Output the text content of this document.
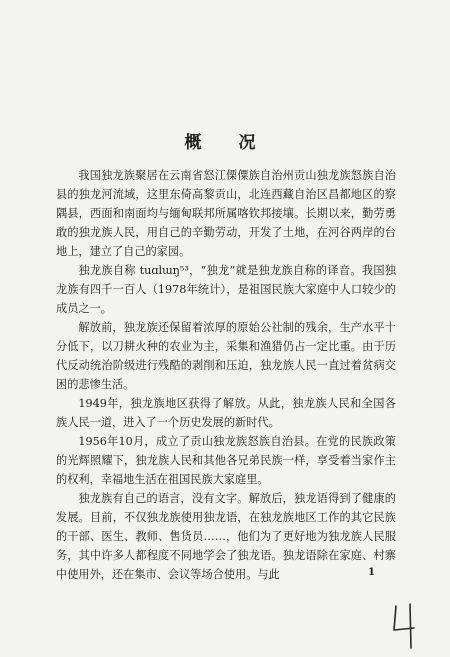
概　况

我国独龙族聚居在云南省怒江傈僳族自治州贡山独龙族怒族自治县的独龙河流域，这里东倚高黎贡山，北连西藏自治区昌都地区的察隅县，西面和南面均与缅甸联邦所属喀钦邦接壤。长期以来，勤劳勇敢的独龙族人民，用自己的辛勤劳动，开发了土地，在河谷两岸的台地上，建立了自己的家园。

独龙族自称 tuɑlɯŋ⁵³，“独龙”就是独龙族自称的译音。我国独龙族有四千一百人（1978年统计），是祖国民族大家庭中人口较少的成员之一。

解放前，独龙族还保留着浓厚的原始公社制的残余，生产水平十分低下，以刀耕火种的农业为主，采集和渔猎仍占一定比重。由于历代反动统治阶级进行残酷的剥削和压迫，独龙族人民一直过着贫病交困的悲惨生活。

1949年，独龙族地区获得了解放。从此，独龙族人民和全国各族人民一道，进入了一个历史发展的新时代。

1956年10月，成立了贡山独龙族怒族自治县。在党的民族政策的光辉照耀下，独龙族人民和其他各兄弟民族一样，享受着当家作主的权利，幸福地生活在祖国民族大家庭里。

独龙族有自己的语言，没有文字。解放后，独龙语得到了健康的发展。目前，不仅独龙族使用独龙语，在独龙族地区工作的其它民族的干部、医生、教师、售货员……，他们为了更好地为独龙族人民服务，其中许多人都程度不同地学会了独龙语。独龙语除在家庭、村寨中使用外，还在集市、会议等场合使用。与此	1
